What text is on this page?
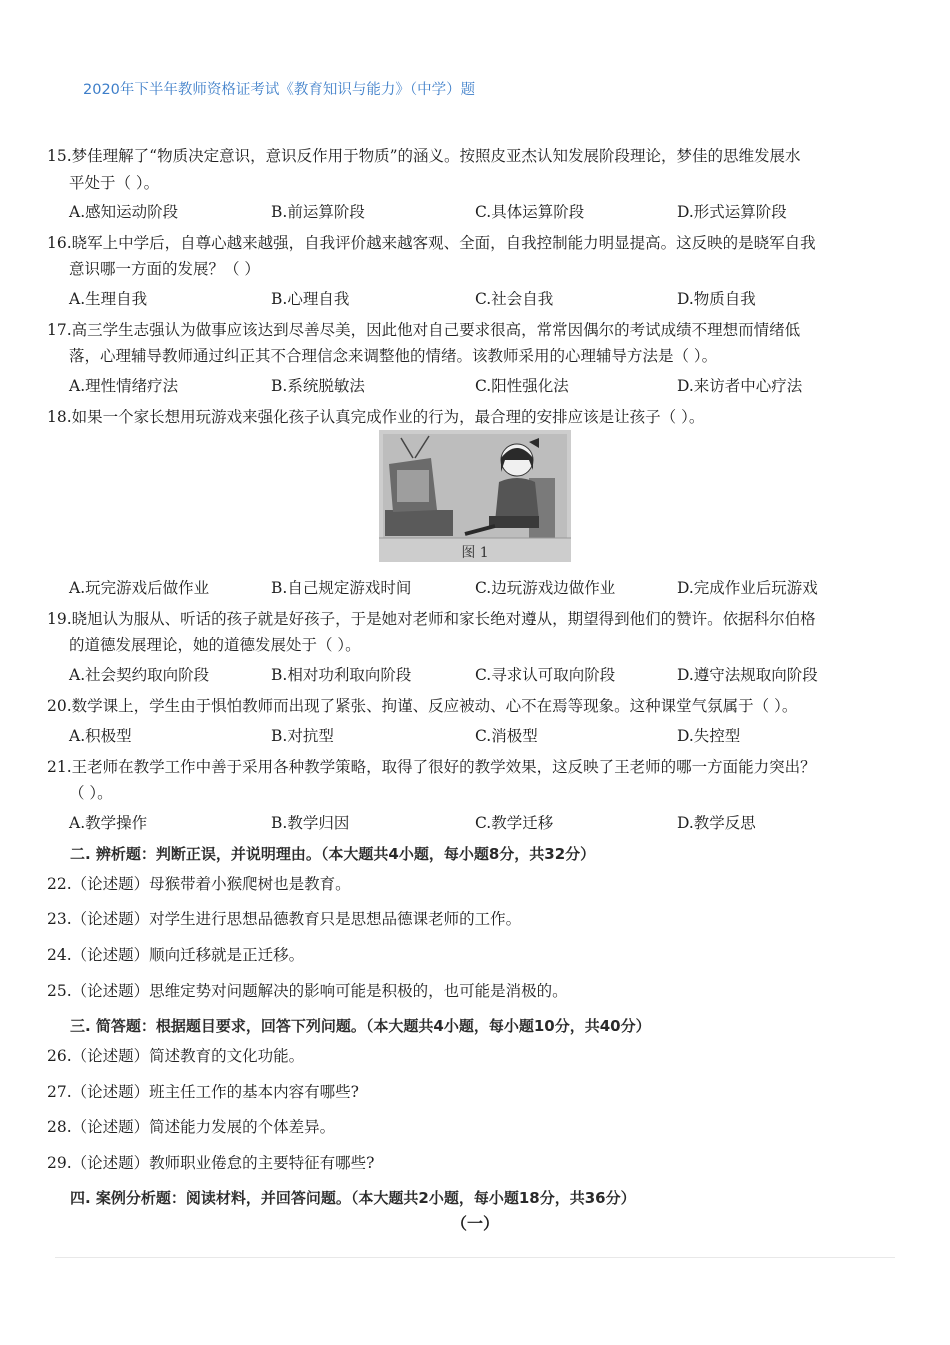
2020年下半年教师资格证考试《教育知识与能力》（中学）题
15.梦佳理解了“物质决定意识，意识反作用于物质”的涵义。按照皮亚杰认知发展阶段理论，梦佳的思维发展水
平处于（ ）。
A.感知运动阶段	B.前运算阶段	C.具体运算阶段	D.形式运算阶段
16.晓军上中学后，自尊心越来越强，自我评价越来越客观、全面，自我控制能力明显提高。这反映的是晓军自我
意识哪一方面的发展？（ ）
A.生理自我	B.心理自我	C.社会自我	D.物质自我
17.高三学生志强认为做事应该达到尽善尽美，因此他对自己要求很高，常常因偶尔的考试成绩不理想而情绪低
落，心理辅导教师通过纠正其不合理信念来调整他的情绪。该教师采用的心理辅导方法是（ ）。
A.理性情绪疗法	B.系统脱敏法	C.阳性强化法	D.来访者中心疗法
18.如果一个家长想用玩游戏来强化孩子认真完成作业的行为，最合理的安排应该是让孩子（ ）。
图 1
A.玩完游戏后做作业	B.自己规定游戏时间	C.边玩游戏边做作业	D.完成作业后玩游戏
19.晓旭认为服从、听话的孩子就是好孩子，于是她对老师和家长绝对遵从，期望得到他们的赞许。依据科尔伯格
的道德发展理论，她的道德发展处于（ ）。
A.社会契约取向阶段	B.相对功利取向阶段	C.寻求认可取向阶段	D.遵守法规取向阶段
20.数学课上，学生由于惧怕教师而出现了紧张、拘谨、反应被动、心不在焉等现象。这种课堂气氛属于（ ）。
A.积极型	B.对抗型	C.消极型	D.失控型
21.王老师在教学工作中善于采用各种教学策略，取得了很好的教学效果，这反映了王老师的哪一方面能力突出？
（ ）。
A.教学操作	B.教学归因	C.教学迁移	D.教学反思
二. 辨析题：判断正误，并说明理由。（本大题共4小题，每小题8分，共32分）
22.（论述题）母猴带着小猴爬树也是教育。
23.（论述题）对学生进行思想品德教育只是思想品德课老师的工作。
24.（论述题）顺向迁移就是正迁移。
25.（论述题）思维定势对问题解决的影响可能是积极的，也可能是消极的。
三. 简答题：根据题目要求，回答下列问题。（本大题共4小题，每小题10分，共40分）
26.（论述题）简述教育的文化功能。
27.（论述题）班主任工作的基本内容有哪些?
28.（论述题）简述能力发展的个体差异。
29.（论述题）教师职业倦怠的主要特征有哪些?
四. 案例分析题：阅读材料，并回答问题。（本大题共2小题，每小题18分，共36分）
（一）
